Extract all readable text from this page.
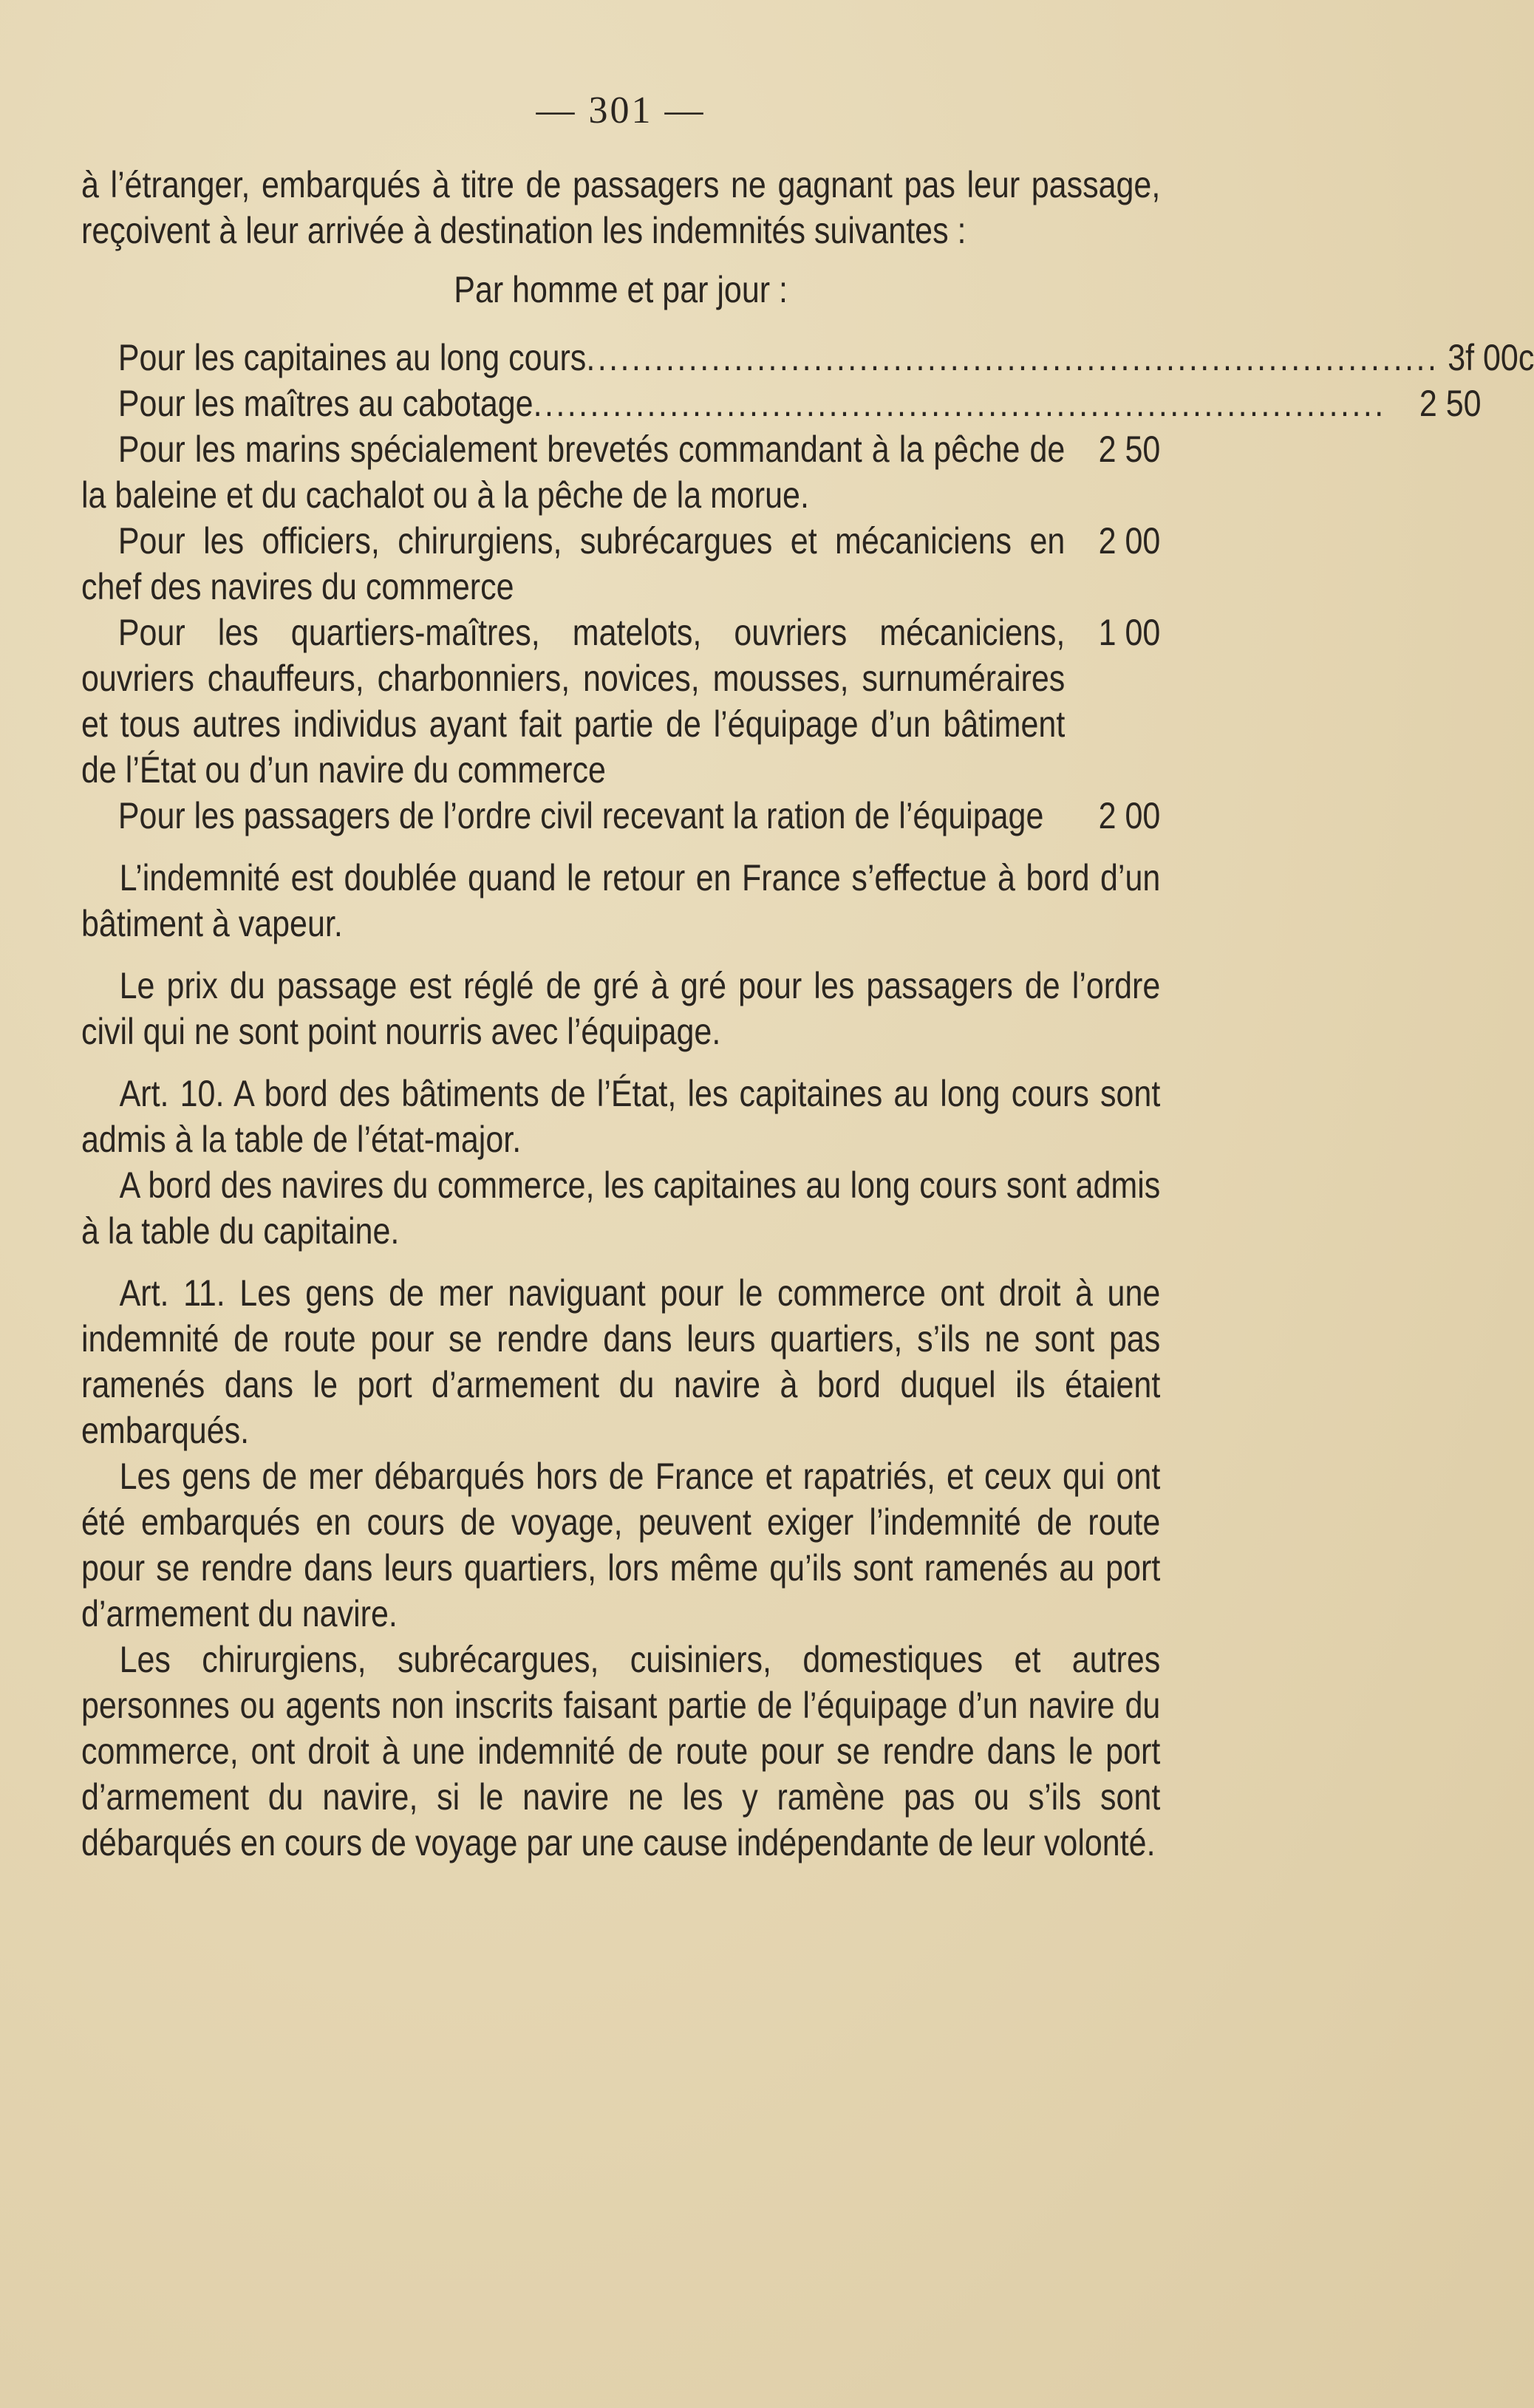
— 301 —

à l’étranger, embarqués à titre de passagers ne gagnant pas leur passage, reçoivent à leur arrivée à destination les indemnités suivantes :

Par homme et par jour :

Pour les capitaines au long cours ........................................................................... 3f 00c
Pour les maîtres au cabotage ........................................................................... 2 50
Pour les marins spécialement brevetés commandant à la pêche de la baleine et du cachalot ou à la pêche de la morue.
2 50
Pour les officiers, chirurgiens, subrécargues et mécaniciens en chef des navires du commerce
2 00
Pour les quartiers-maîtres, matelots, ouvriers mécaniciens, ouvriers chauffeurs, charbonniers, novices, mousses, surnuméraires et tous autres individus ayant fait partie de l’équipage d’un bâtiment de l’État ou d’un navire du commerce
1 00
Pour les passagers de l’ordre civil recevant la ration de l’équipage	2 00

L’indemnité est doublée quand le retour en France s’effectue à bord d’un bâtiment à vapeur.

Le prix du passage est réglé de gré à gré pour les passagers de l’ordre civil qui ne sont point nourris avec l’équipage.

Art. 10. A bord des bâtiments de l’État, les capitaines au long cours sont admis à la table de l’état-major.

A bord des navires du commerce, les capitaines au long cours sont admis à la table du capitaine.

Art. 11. Les gens de mer naviguant pour le commerce ont droit à une indemnité de route pour se rendre dans leurs quartiers, s’ils ne sont pas ramenés dans le port d’armement du navire à bord duquel ils étaient embarqués.

Les gens de mer débarqués hors de France et rapatriés, et ceux qui ont été embarqués en cours de voyage, peuvent exiger l’indemnité de route pour se rendre dans leurs quartiers, lors même qu’ils sont ramenés au port d’armement du navire.

Les chirurgiens, subrécargues, cuisiniers, domestiques et autres personnes ou agents non inscrits faisant partie de l’équipage d’un navire du commerce, ont droit à une indemnité de route pour se rendre dans le port d’armement du navire, si le navire ne les y ramène pas ou s’ils sont débarqués en cours de voyage par une cause indépendante de leur volonté.
